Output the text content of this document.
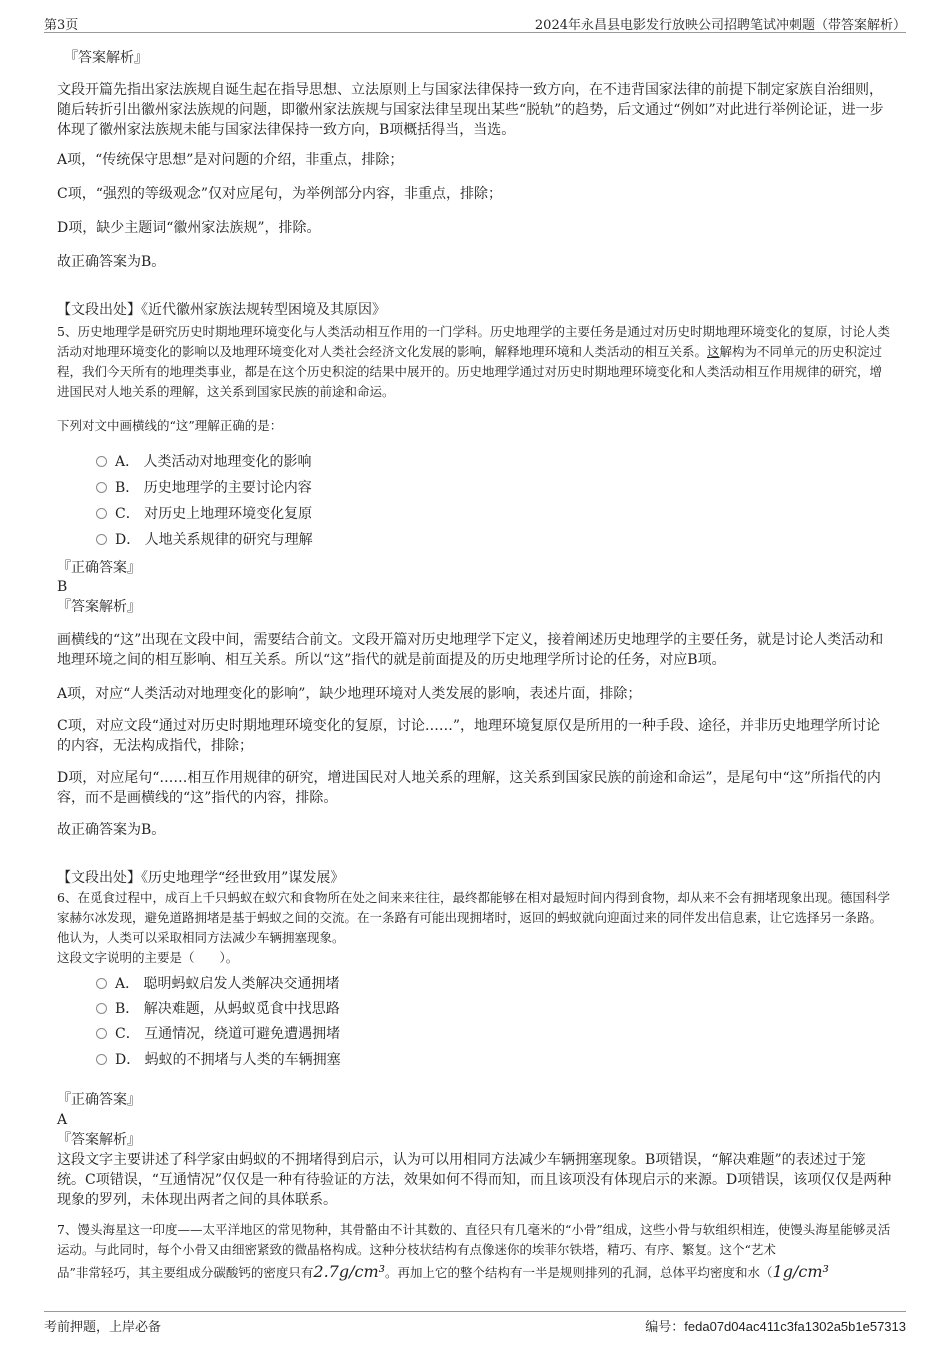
第3页	2024年永昌县电影发行放映公司招聘笔试冲刺题（带答案解析）
『答案解析』

文段开篇先指出家法族规自诞生起在指导思想、立法原则上与国家法律保持一致方向，在不违背国家法律的前提下制定家族自治细则，随后转折引出徽州家法族规的问题，即徽州家法族规与国家法律呈现出某些“脱轨”的趋势，后文通过“例如”对此进行举例论证，进一步体现了徽州家法族规未能与国家法律保持一致方向，B项概括得当，当选。

A项，“传统保守思想”是对问题的介绍，非重点，排除；

C项，“强烈的等级观念”仅对应尾句，为举例部分内容，非重点，排除；

D项，缺少主题词“徽州家法族规”，排除。

故正确答案为B。

【文段出处】《近代徽州家族法规转型困境及其原因》

5、历史地理学是研究历史时期地理环境变化与人类活动相互作用的一门学科。历史地理学的主要任务是通过对历史时期地理环境变化的复原，讨论人类活动对地理环境变化的影响以及地理环境变化对人类社会经济文化发展的影响，解释地理环境和人类活动的相互关系。这解构为不同单元的历史积淀过程，我们今天所有的地理类事业，都是在这个历史积淀的结果中展开的。历史地理学通过对历史时期地理环境变化和人类活动相互作用规律的研究，增进国民对人地关系的理解，这关系到国家民族的前途和命运。

下列对文中画横线的“这”理解正确的是：

A． 人类活动对地理变化的影响
B． 历史地理学的主要讨论内容
C． 对历史上地理环境变化复原
D． 人地关系规律的研究与理解
『正确答案』
B
『答案解析』

画横线的“这”出现在文段中间，需要结合前文。文段开篇对历史地理学下定义，接着阐述历史地理学的主要任务，就是讨论人类活动和地理环境之间的相互影响、相互关系。所以“这”指代的就是前面提及的历史地理学所讨论的任务，对应B项。

A项，对应“人类活动对地理变化的影响”，缺少地理环境对人类发展的影响，表述片面，排除；

C项，对应文段“通过对历史时期地理环境变化的复原，讨论……”，地理环境复原仅是所用的一种手段、途径，并非历史地理学所讨论的内容，无法构成指代，排除；

D项，对应尾句“……相互作用规律的研究，增进国民对人地关系的理解，这关系到国家民族的前途和命运”，是尾句中“这”所指代的内容，而不是画横线的“这”指代的内容，排除。

故正确答案为B。

【文段出处】《历史地理学“经世致用”谋发展》

6、在觅食过程中，成百上千只蚂蚁在蚁穴和食物所在处之间来来往往，最终都能够在相对最短时间内得到食物，却从来不会有拥堵现象出现。德国科学家赫尔冰发现，避免道路拥堵是基于蚂蚁之间的交流。在一条路有可能出现拥堵时，返回的蚂蚁就向迎面过来的同伴发出信息素，让它选择另一条路。他认为，人类可以采取相同方法减少车辆拥塞现象。

这段文字说明的主要是（　　）。

A． 聪明蚂蚁启发人类解决交通拥堵
B． 解决难题，从蚂蚁觅食中找思路
C． 互通情况，绕道可避免遭遇拥堵
D． 蚂蚁的不拥堵与人类的车辆拥塞
『正确答案』
A
『答案解析』

这段文字主要讲述了科学家由蚂蚁的不拥堵得到启示，认为可以用相同方法减少车辆拥塞现象。B项错误，“解决难题”的表述过于笼统。C项错误，“互通情况”仅仅是一种有待验证的方法，效果如何不得而知，而且该项没有体现启示的来源。D项错误，该项仅仅是两种现象的罗列，未体现出两者之间的具体联系。

7、馒头海星这一印度——太平洋地区的常见物种，其骨骼由不计其数的、直径只有几毫米的“小骨”组成，这些小骨与软组织相连，使馒头海星能够灵活运动。与此同时，每个小骨又由细密紧致的微晶格构成。这种分枝状结构有点像迷你的埃菲尔铁塔，精巧、有序、繁复。这个“艺术

品”非常轻巧，其主要组成分碳酸钙的密度只有2.7g/cm³。再加上它的整个结构有一半是规则排列的孔洞，总体平均密度和水（1g/cm³

考前押题，上岸必备	编号：feda07d04ac411c3fa1302a5b1e57313
